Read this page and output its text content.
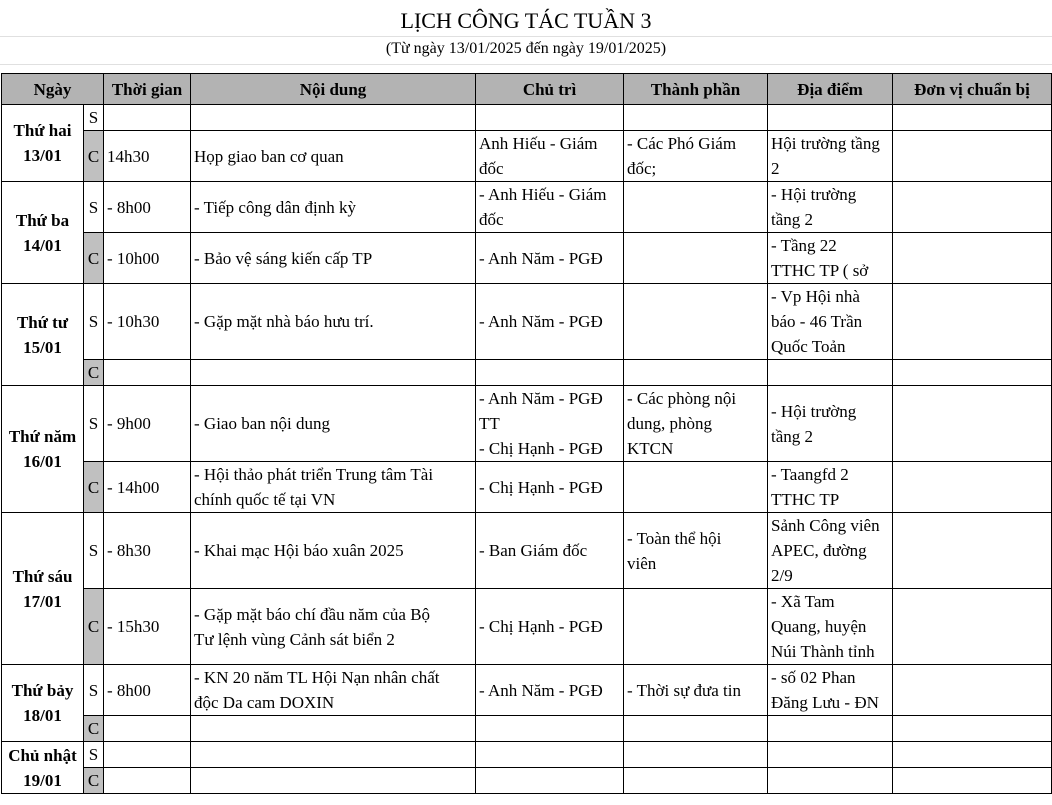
LỊCH CÔNG TÁC TUẦN 3
(Từ ngày 13/01/2025 đến ngày 19/01/2025)
Ngày		Thời gian	Nội dung	Chủ trì	Thành phần	Địa điểm	Đơn vị chuẩn bị

Thứ hai
13/01	S		

	C	14h30	Họp giao ban cơ quan	Anh Hiếu - Giám
đốc	- Các Phó Giám
đốc;	Hội trường tầng
2	

Thứ ba
14/01	S	- 8h00	- Tiếp công dân định kỳ	- Anh Hiếu - Giám
đốc		- Hội trường
tầng 2	

	C	- 10h00	- Bảo vệ sáng kiến cấp TP	- Anh Năm - PGĐ		- Tầng 22
TTHC TP ( sở	

Thứ tư
15/01	S	- 10h30	- Gặp mặt nhà báo hưu trí.	- Anh Năm - PGĐ		- Vp Hội nhà
báo - 46 Trần
Quốc Toản	

	C		

Thứ năm
16/01	S	- 9h00	- Giao ban nội dung	- Anh Năm - PGĐ
TT
- Chị Hạnh - PGĐ	- Các phòng nội
dung, phòng
KTCN	- Hội trường
tầng 2	

	C	- 14h00	- Hội thảo phát triển Trung tâm Tài
chính quốc tế tại VN	- Chị Hạnh - PGĐ		- Taangfd 2
TTHC TP	

Thứ sáu
17/01	S	- 8h30	- Khai mạc Hội báo xuân 2025	- Ban Giám đốc	- Toàn thể hội
viên	Sảnh Công viên
APEC, đường
2/9	

	C	- 15h30	- Gặp mặt báo chí đầu năm của Bộ
Tư lệnh vùng Cảnh sát biển 2	- Chị Hạnh - PGĐ		- Xã Tam
Quang, huyện
Núi Thành tỉnh	

Thứ bảy
18/01	S	- 8h00	- KN 20 năm TL Hội Nạn nhân chất
độc Da cam DOXIN	- Anh Năm - PGĐ	- Thời sự đưa tin	- số 02 Phan
Đăng Lưu - ĐN	

	C		

Chủ nhật
19/01	S		

	C		
